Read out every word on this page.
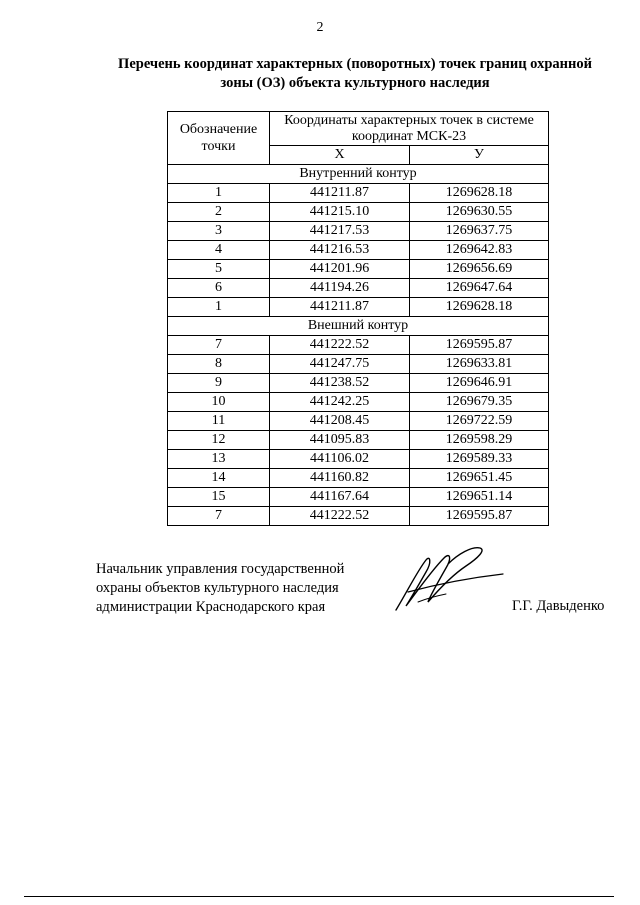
2
Перечень координат характерных (поворотных) точек границ охранной зоны (ОЗ) объекта культурного наследия
Обозначение точки	Координаты характерных точек в системе координат МСК-23	
	X	У
Внутренний контур		
1	441211.87	1269628.18
2	441215.10	1269630.55
3	441217.53	1269637.75
4	441216.53	1269642.83
5	441201.96	1269656.69
6	441194.26	1269647.64
1	441211.87	1269628.18
Внешний контур		
7	441222.52	1269595.87
8	441247.75	1269633.81
9	441238.52	1269646.91
10	441242.25	1269679.35
11	441208.45	1269722.59
12	441095.83	1269598.29
13	441106.02	1269589.33
14	441160.82	1269651.45
15	441167.64	1269651.14
7	441222.52	1269595.87
Начальник управления государственной
охраны объектов культурного наследия
администрации Краснодарского края	Г.Г. Давыденко
